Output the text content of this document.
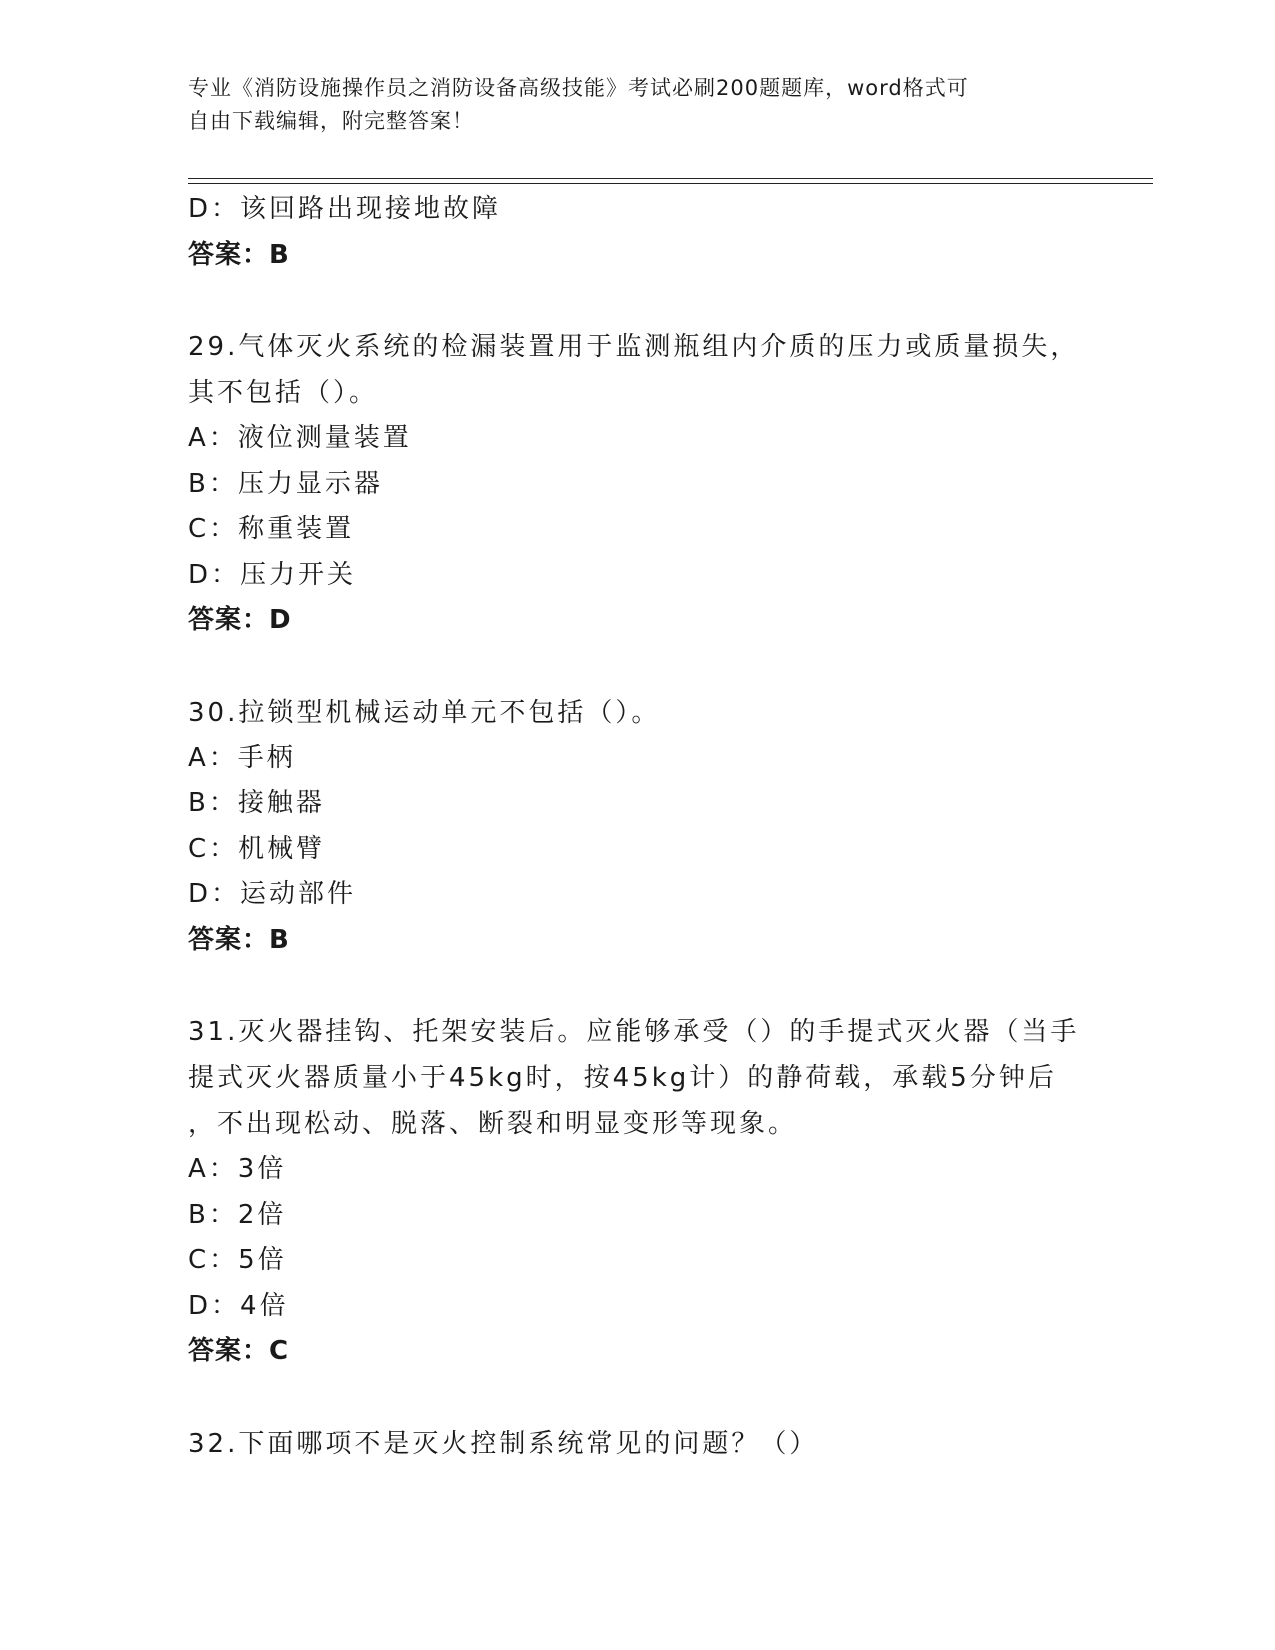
专业《消防设施操作员之消防设备高级技能》考试必刷200题题库，word格式可
自由下载编辑，附完整答案！
D：该回路出现接地故障
答案：B
29.气体灭火系统的检漏装置用于监测瓶组内介质的压力或质量损失，
其不包括（）。
A：液位测量装置
B：压力显示器
C：称重装置
D：压力开关
答案：D
30.拉锁型机械运动单元不包括（）。
A：手柄
B：接触器
C：机械臂
D：运动部件
答案：B
31.灭火器挂钩、托架安装后。应能够承受（）的手提式灭火器（当手
提式灭火器质量小于45kg时，按45kg计）的静荷载，承载5分钟后
，不出现松动、脱落、断裂和明显变形等现象。
A：3倍
B：2倍
C：5倍
D：4倍
答案：C
32.下面哪项不是灭火控制系统常见的问题？（）
